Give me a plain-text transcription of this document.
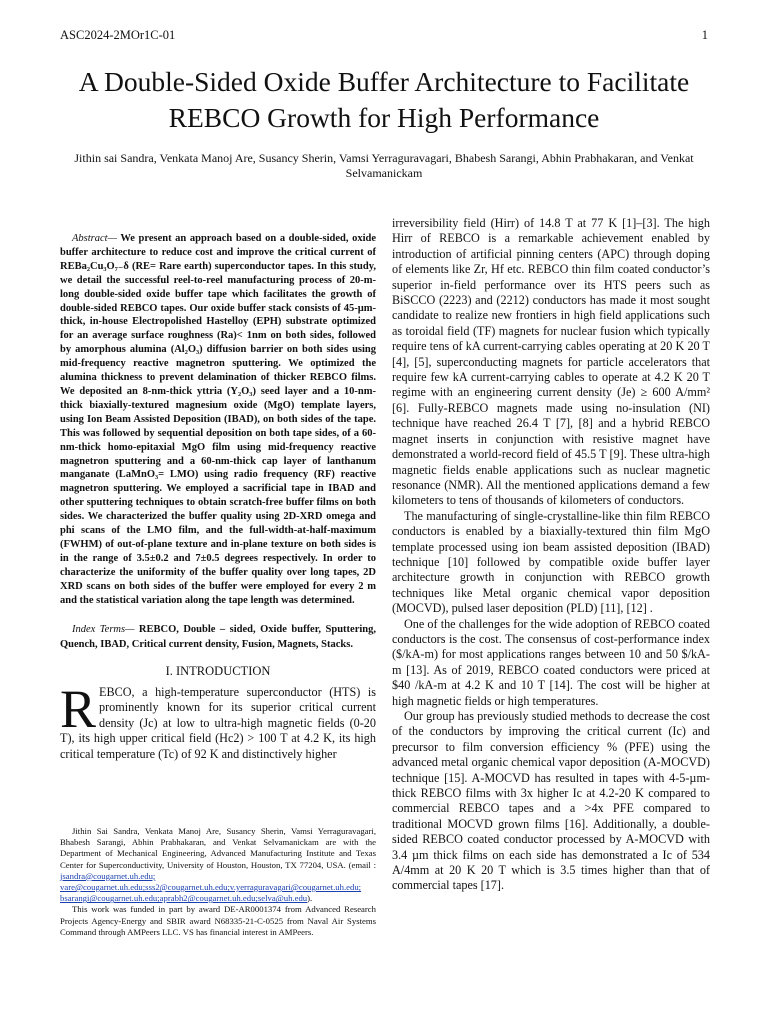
ASC2024-2MOr1C-01	1
A Double-Sided Oxide Buffer Architecture to Facilitate REBCO Growth for High Performance
Jithin sai Sandra, Venkata Manoj Are, Susancy Sherin, Vamsi Yerraguravagari, Bhabesh Sarangi, Abhin Prabhakaran, and Venkat Selvamanickam

Abstract— We present an approach based on a double-sided, oxide buffer architecture to reduce cost and improve the critical current of REBa₂Cu₃O₇₋δ (RE= Rare earth) superconductor tapes. In this study, we detail the successful reel-to-reel manufacturing process of 20-m-long double-sided oxide buffer tape which facilitates the growth of double-sided REBCO tapes. Our oxide buffer stack consists of 45-µm-thick, in-house Electropolished Hastelloy (EPH) substrate optimized for an average surface roughness (Ra)< 1nm on both sides, followed by amorphous alumina (Al₂O₃) diffusion barrier on both sides using mid-frequency reactive magnetron sputtering. We optimized the alumina thickness to prevent delamination of thicker REBCO films. We deposited an 8-nm-thick yttria (Y₂O₃) seed layer and a 10-nm-thick biaxially-textured magnesium oxide (MgO) template layers, using Ion Beam Assisted Deposition (IBAD), on both sides of the tape. This was followed by sequential deposition on both tape sides, of a 60-nm-thick homo-epitaxial MgO film using mid-frequency reactive magnetron sputtering and a 60-nm-thick cap layer of lanthanum manganate (LaMnO₃= LMO) using radio frequency (RF) reactive magnetron sputtering. We employed a sacrificial tape in IBAD and other sputtering techniques to obtain scratch-free buffer films on both sides. We characterized the buffer quality using 2D-XRD omega and phi scans of the LMO film, and the full-width-at-half-maximum (FWHM) of out-of-plane texture and in-plane texture on both sides is in the range of 3.5±0.2 and 7±0.5 degrees respectively. In order to characterize the uniformity of the buffer quality over long tapes, 2D XRD scans on both sides of the buffer were employed for every 2 m and the statistical variation along the tape length was determined.

Index Terms— REBCO, Double – sided, Oxide buffer, Sputtering, Quench, IBAD, Critical current density, Fusion, Magnets, Stacks.

I. INTRODUCTION

REBCO, a high-temperature superconductor (HTS) is prominently known for its superior critical current density (Jc) at low to ultra-high magnetic fields (0-20 T), its high upper critical field (Hc2) > 100 T at 4.2 K, its high critical temperature (Tc) of 92 K and distinctively higher

irreversibility field (Hirr) of 14.8 T at 77 K [1]–[3]. The high Hirr of REBCO is a remarkable achievement enabled by introduction of artificial pinning centers (APC) through doping of elements like Zr, Hf etc. REBCO thin film coated conductor’s superior in-field performance over its HTS peers such as BiSCCO (2223) and (2212) conductors has made it most sought candidate to realize new frontiers in high field applications such as toroidal field (TF) magnets for nuclear fusion which typically require tens of kA current-carrying cables operating at 20 K 20 T [4], [5], superconducting magnets for particle accelerators that require few kA current-carrying cables to operate at 4.2 K 20 T regime with an engineering current density (Je) ≥ 600 A/mm² [6]. Fully-REBCO magnets made using no-insulation (NI) technique have reached 26.4 T [7], [8] and a hybrid REBCO magnet inserts in conjunction with resistive magnet have demonstrated a world-record field of 45.5 T [9]. These ultra-high magnetic fields enable applications such as nuclear magnetic resonance (NMR). All the mentioned applications demand a few kilometers to tens of thousands of kilometers of conductors.

The manufacturing of single-crystalline-like thin film REBCO conductors is enabled by a biaxially-textured thin film MgO template processed using ion beam assisted deposition (IBAD) technique [10] followed by compatible oxide buffer layer architecture growth in conjunction with REBCO growth techniques like Metal organic chemical vapor deposition (MOCVD), pulsed laser deposition (PLD) [11], [12] .

One of the challenges for the wide adoption of REBCO coated conductors is the cost. The consensus of cost-performance index ($/kA-m) for most applications ranges between 10 and 50 $/kA-m [13]. As of 2019, REBCO coated conductors were priced at $40 /kA-m at 4.2 K and 10 T [14]. The cost will be higher at high magnetic fields or high temperatures.

Our group has previously studied methods to decrease the cost of the conductors by improving the critical current (Ic) and precursor to film conversion efficiency % (PFE) using the advanced metal organic chemical vapor deposition (A-MOCVD) technique [15]. A-MOCVD has resulted in tapes with 4-5-µm-thick REBCO films with 3x higher Ic at 4.2-20 K compared to commercial REBCO tapes and a >4x PFE compared to traditional MOCVD grown films [16]. Additionally, a double-sided REBCO coated conductor processed by A-MOCVD with 3.4 µm thick films on each side has demonstrated a Ic of 534 A/4mm at 20 K 20 T which is 3.5 times higher than that of commercial tapes [17].

Jithin Sai Sandra, Venkata Manoj Are, Susancy Sherin, Vamsi Yerraguravagari, Bhabesh Sarangi, Abhin Prabhakaran, and Venkat Selvamanickam are with the Department of Mechanical Engineering, Advanced Manufacturing Institute and Texas Center for Superconductivity, University of Houston, Houston, TX 77204, USA. (email : jsandra@cougarnet.uh.edu; vare@cougarnet.uh.edu;sss2@cougarnet.uh.edu;v.yerraguravagari@cougarnet.uh.edu; bsarangi@cougarnet.uh.edu;aprabh2@cougarnet.uh.edu;selva@uh.edu).

This work was funded in part by award DE-AR0001374 from Advanced Research Projects Agency-Energy and SBIR award N68335-21-C-0525 from Naval Air Systems Command through AMPeers LLC. VS has financial interest in AMPeers.
